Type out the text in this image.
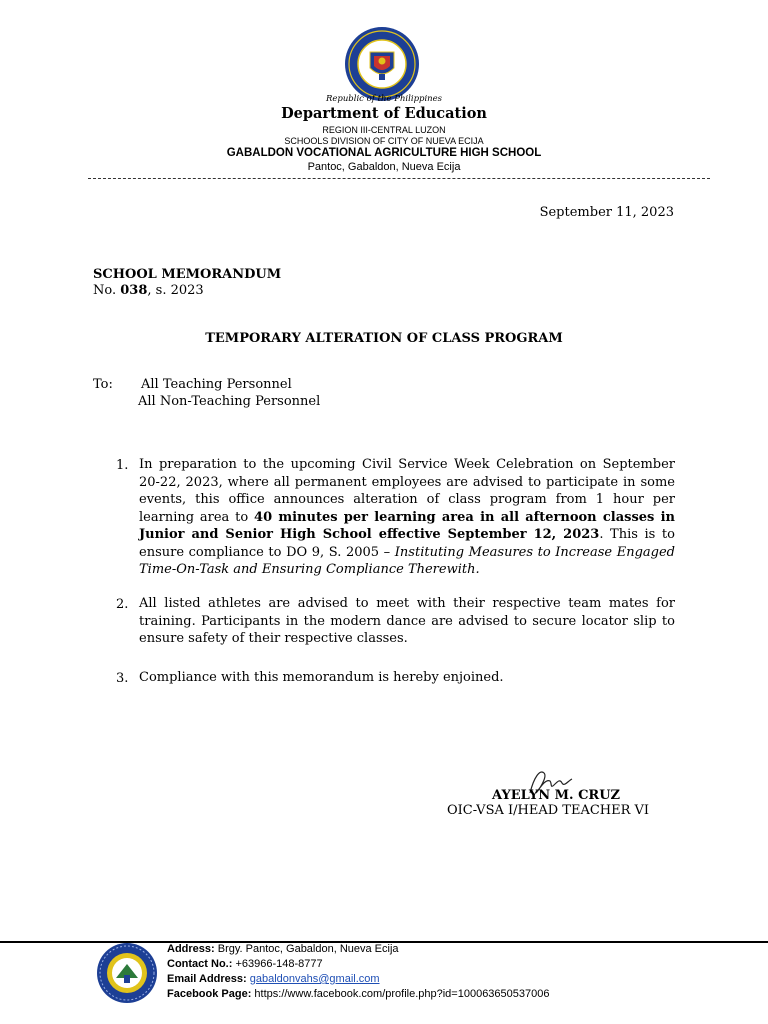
Republic of the Philippines
Department of Education
REGION III-CENTRAL LUZON
SCHOOLS DIVISION OF CITY OF NUEVA ECIJA
GABALDON VOCATIONAL AGRICULTURE HIGH SCHOOL
Pantoc, Gabaldon, Nueva Ecija
September 11, 2023
SCHOOL MEMORANDUM
No. 038, s. 2023
TEMPORARY ALTERATION OF CLASS PROGRAM
To: All Teaching Personnel
All Non-Teaching Personnel
1. In preparation to the upcoming Civil Service Week Celebration on September 20-22, 2023, where all permanent employees are advised to participate in some events, this office announces alteration of class program from 1 hour per learning area to 40 minutes per learning area in all afternoon classes in Junior and Senior High School effective September 12, 2023. This is to ensure compliance to DO 9, S. 2005 – Instituting Measures to Increase Engaged Time-On-Task and Ensuring Compliance Therewith.

2. All listed athletes are advised to meet with their respective team mates for training. Participants in the modern dance are advised to secure locator slip to ensure safety of their respective classes.

3. Compliance with this memorandum is hereby enjoined.

AYELYN M. CRUZ
OIC-VSA I/HEAD TEACHER VI
Address: Brgy. Pantoc, Gabaldon, Nueva Ecija
Contact No.: +63966-148-8777
Email Address: gabaldonvahs@gmail.com
Facebook Page: https://www.facebook.com/profile.php?id=100063650537006
